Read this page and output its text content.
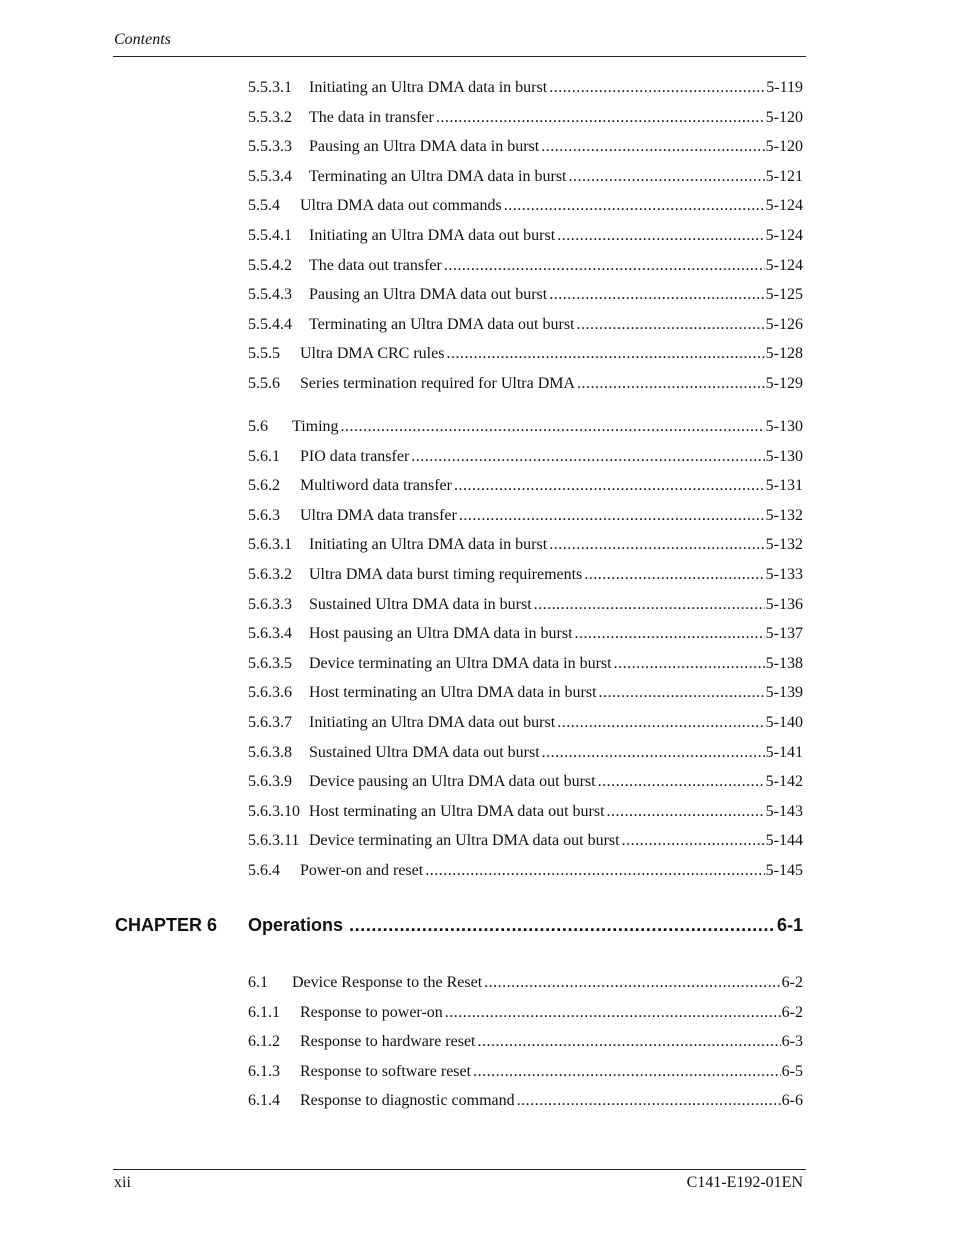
Contents
5.5.3.1	Initiating an Ultra DMA data in burst .....	5-119
5.5.3.2	The data in transfer .....	5-120
5.5.3.3	Pausing an Ultra DMA data in burst .....	5-120
5.5.3.4	Terminating an Ultra DMA data in burst .....	5-121
5.5.4	Ultra DMA data out commands .....	5-124
5.5.4.1	Initiating an Ultra DMA data out burst .....	5-124
5.5.4.2	The data out transfer .....	5-124
5.5.4.3	Pausing an Ultra DMA data out burst .....	5-125
5.5.4.4	Terminating an Ultra DMA data out burst .....	5-126
5.5.5	Ultra DMA CRC rules .....	5-128
5.5.6	Series termination required for Ultra DMA .....	5-129
5.6	Timing .....	5-130
5.6.1	PIO data transfer .....	5-130
5.6.2	Multiword data transfer .....	5-131
5.6.3	Ultra DMA data transfer .....	5-132
5.6.3.1	Initiating an Ultra DMA data in burst .....	5-132
5.6.3.2	Ultra DMA data burst timing requirements .....	5-133
5.6.3.3	Sustained Ultra DMA data in burst .....	5-136
5.6.3.4	Host pausing an Ultra DMA data in burst .....	5-137
5.6.3.5	Device terminating an Ultra DMA data in burst .....	5-138
5.6.3.6	Host terminating an Ultra DMA data in burst .....	5-139
5.6.3.7	Initiating an Ultra DMA data out burst .....	5-140
5.6.3.8	Sustained Ultra DMA data out burst .....	5-141
5.6.3.9	Device pausing an Ultra DMA data out burst .....	5-142
5.6.3.10 Host terminating an Ultra DMA data out burst .....	5-143
5.6.3.11 Device terminating an Ultra DMA data out burst .....	5-144
5.6.4	Power-on and reset .....	5-145
CHAPTER 6	Operations .....	6-1
6.1	Device Response to the Reset .....	6-2
6.1.1	Response to power-on .....	6-2
6.1.2	Response to hardware reset .....	6-3
6.1.3	Response to software reset .....	6-5
6.1.4	Response to diagnostic command .....	6-6
xii	C141-E192-01EN
